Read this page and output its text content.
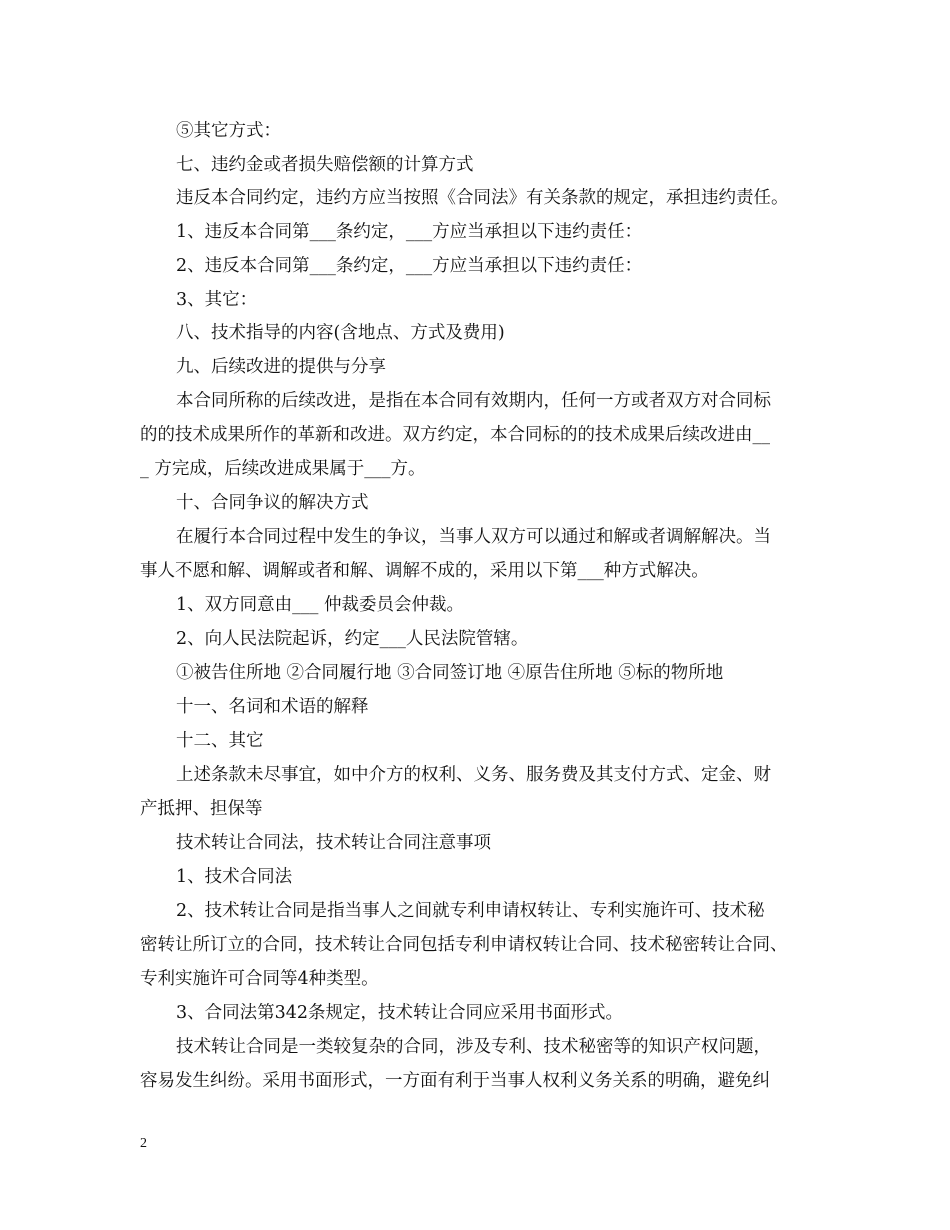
⑤其它方式：
七、违约金或者损失赔偿额的计算方式
违反本合同约定，违约方应当按照《合同法》有关条款的规定，承担违约责任。
1、违反本合同第___条约定，___方应当承担以下违约责任：
2、违反本合同第___条约定，___方应当承担以下违约责任：
3、其它：
八、技术指导的内容(含地点、方式及费用)
九、后续改进的提供与分享
本合同所称的后续改进，是指在本合同有效期内，任何一方或者双方对合同标
的的技术成果所作的革新和改进。双方约定，本合同标的的技术成果后续改进由__
_ 方完成，后续改进成果属于___方。
十、合同争议的解决方式
在履行本合同过程中发生的争议，当事人双方可以通过和解或者调解解决。当
事人不愿和解、调解或者和解、调解不成的，采用以下第___种方式解决。
1、双方同意由___ 仲裁委员会仲裁。
2、向人民法院起诉，约定___人民法院管辖。
①被告住所地 ②合同履行地 ③合同签订地 ④原告住所地 ⑤标的物所地
十一、名词和术语的解释
十二、其它
上述条款未尽事宜，如中介方的权利、义务、服务费及其支付方式、定金、财
产抵押、担保等
技术转让合同法，技术转让合同注意事项
1、技术合同法
2、技术转让合同是指当事人之间就专利申请权转让、专利实施许可、技术秘
密转让所订立的合同，技术转让合同包括专利申请权转让合同、技术秘密转让合同、
专利实施许可合同等4种类型。
3、合同法第342条规定，技术转让合同应采用书面形式。
技术转让合同是一类较复杂的合同，涉及专利、技术秘密等的知识产权问题，
容易发生纠纷。采用书面形式，一方面有利于当事人权利义务关系的明确，避免纠
2
